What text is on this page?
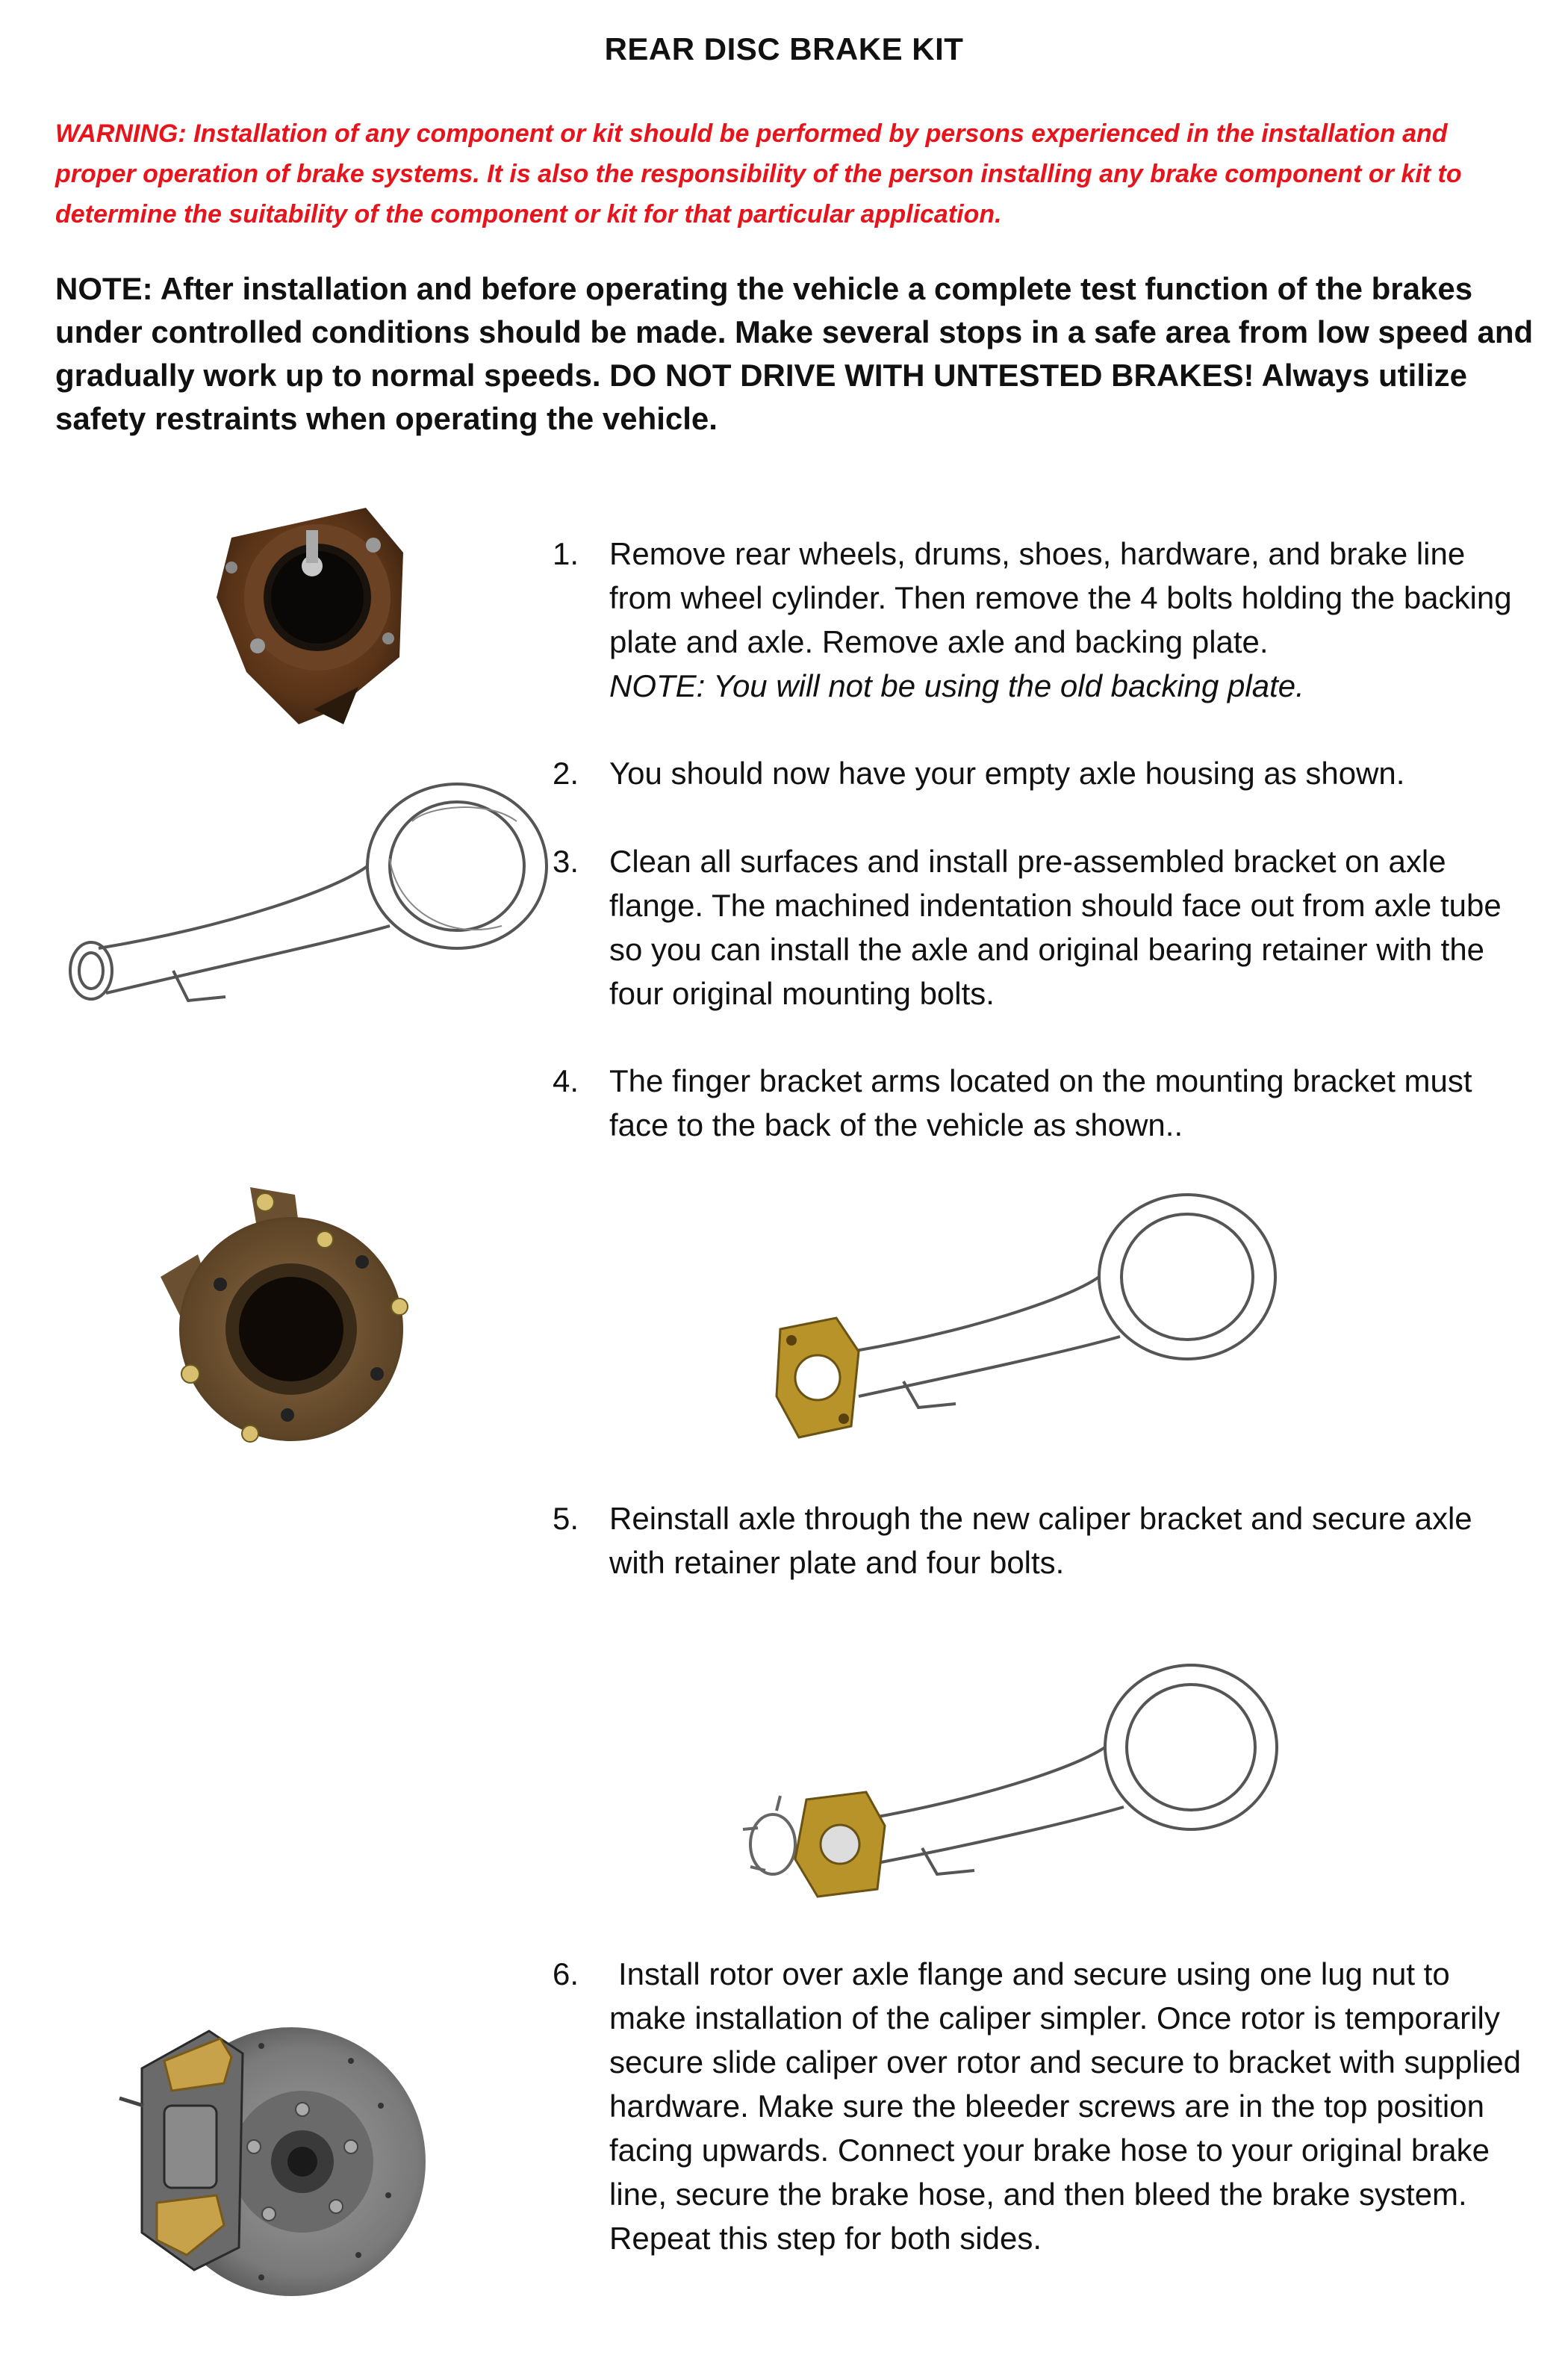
REAR DISC BRAKE KIT
WARNING: Installation of any component or kit should be performed by persons experienced in the installation and proper operation of brake systems. It is also the responsibility of the person installing any brake component or kit to determine the suitability of the component or kit for that particular application.
NOTE: After installation and before operating the vehicle a complete test function of the brakes under controlled conditions should be made. Make several stops in a safe area from low speed and gradually work up to normal speeds. DO NOT DRIVE WITH UNTESTED BRAKES! Always utilize safety restraints when operating the vehicle.
1. Remove rear wheels, drums, shoes, hardware, and brake line from wheel cylinder. Then remove the 4 bolts holding the backing plate and axle. Remove axle and backing plate.
NOTE: You will not be using the old backing plate.
2. You should now have your empty axle housing as shown.
3. Clean all surfaces and install pre-assembled bracket on axle flange. The machined indentation should face out from axle tube so you can install the axle and original bearing retainer with the four original mounting bolts.
4. The finger bracket arms located on the mounting bracket must face to the back of the vehicle as shown..
5. Reinstall axle through the new caliper bracket and secure axle with retainer plate and four bolts.
6. Install rotor over axle flange and secure using one lug nut to make installation of the caliper simpler. Once rotor is temporarily secure slide caliper over rotor and secure to bracket with supplied hardware. Make sure the bleeder screws are in the top position facing upwards. Connect your brake hose to your original brake line, secure the brake hose, and then bleed the brake system. Repeat this step for both sides.
